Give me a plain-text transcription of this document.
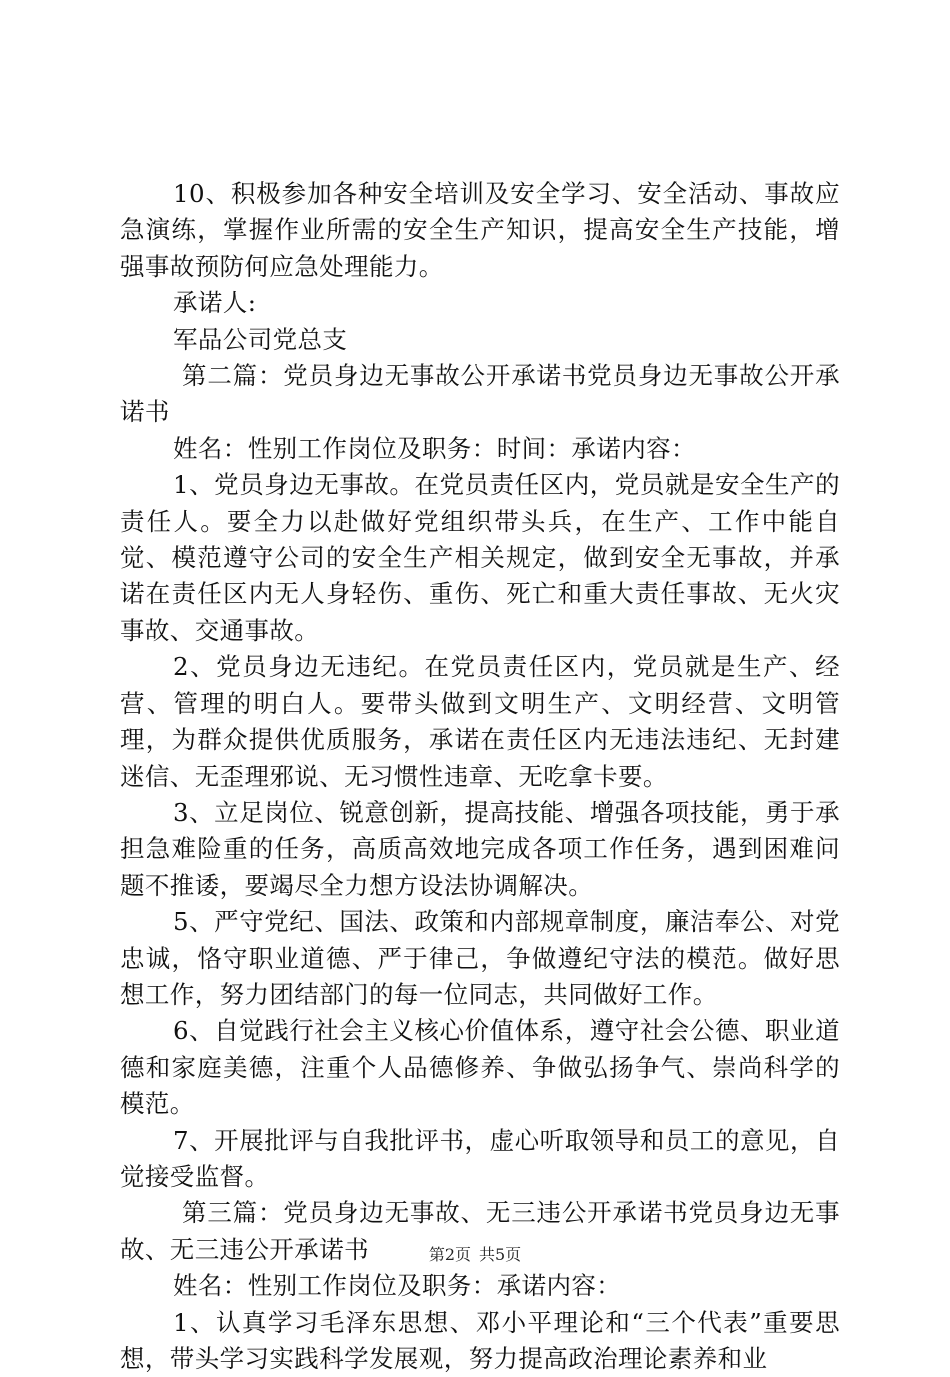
10、积极参加各种安全培训及安全学习、安全活动、事故应急演练，掌握作业所需的安全生产知识，提高安全生产技能，增强事故预防何应急处理能力。

承诺人:

军品公司党总支

第二篇：党员身边无事故公开承诺书党员身边无事故公开承诺书

姓名：性别工作岗位及职务：时间：承诺内容：

1、党员身边无事故。在党员责任区内，党员就是安全生产的责任人。要全力以赴做好党组织带头兵，在生产、工作中能自觉、模范遵守公司的安全生产相关规定，做到安全无事故，并承诺在责任区内无人身轻伤、重伤、死亡和重大责任事故、无火灾事故、交通事故。

2、党员身边无违纪。在党员责任区内，党员就是生产、经营、管理的明白人。要带头做到文明生产、文明经营、文明管理，为群众提供优质服务，承诺在责任区内无违法违纪、无封建迷信、无歪理邪说、无习惯性违章、无吃拿卡要。

3、立足岗位、锐意创新，提高技能、增强各项技能，勇于承担急难险重的任务，高质高效地完成各项工作任务，遇到困难问题不推诿，要竭尽全力想方设法协调解决。

5、严守党纪、国法、政策和内部规章制度，廉洁奉公、对党忠诚，恪守职业道德、严于律己，争做遵纪守法的模范。做好思想工作，努力团结部门的每一位同志，共同做好工作。

6、自觉践行社会主义核心价值体系，遵守社会公德、职业道德和家庭美德，注重个人品德修养、争做弘扬争气、崇尚科学的模范。

7、开展批评与自我批评书，虚心听取领导和员工的意见，自觉接受监督。

第三篇：党员身边无事故、无三违公开承诺书党员身边无事故、无三违公开承诺书

姓名：性别工作岗位及职务：承诺内容：

1、认真学习毛泽东思想、邓小平理论和“三个代表”重要思想，带头学习实践科学发展观，努力提高政治理论素养和业

第2页 共5页
